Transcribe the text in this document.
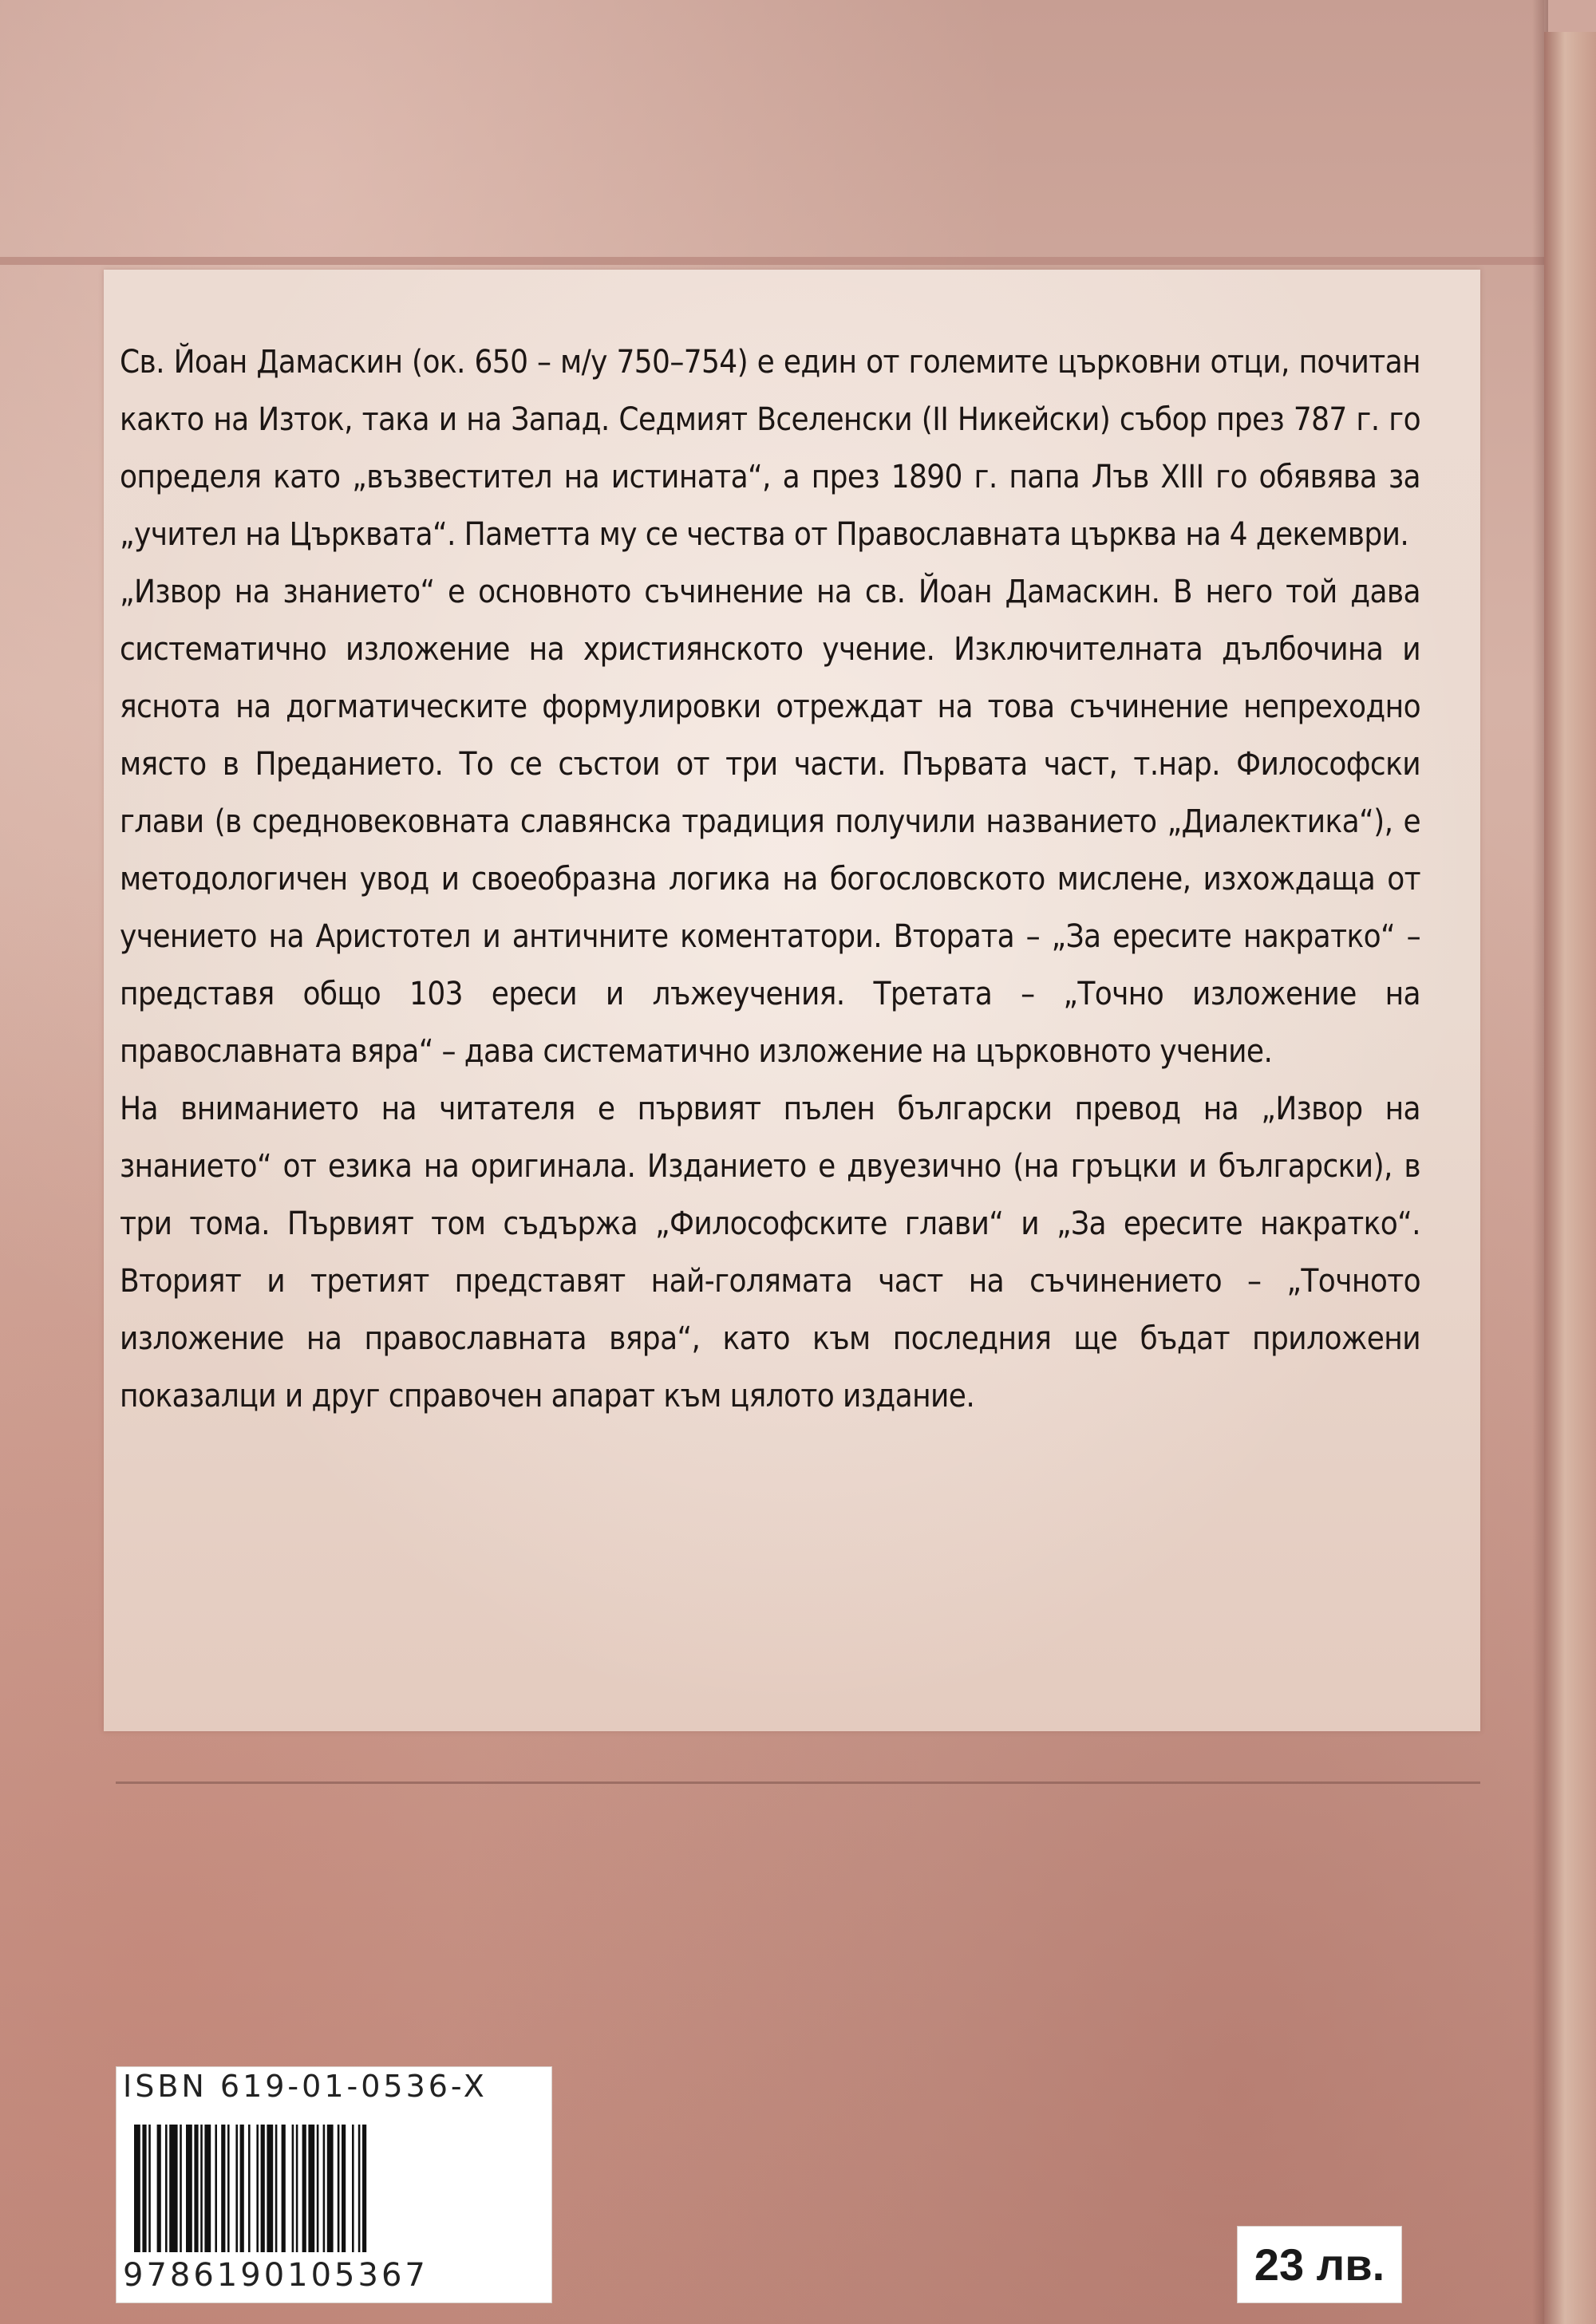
Св. Йоан Дамаскин (ок. 650 – м/у 750–754) е един от големите църковни отци, почитан както на Изток, така и на Запад. Седмият Вселенски (II Никейски) събор през 787 г. го определя като „възвестител на истината“, а през 1890 г. папа Лъв XIII го обявява за „учител на Църквата“. Паметта му се чества от Православната църква на 4 декември.

„Извор на знанието“ е основното съчинение на св. Йоан Дамаскин. В него той дава систематично изложение на християнското учение. Изключителната дълбочина и яснота на догматическите формулировки отреждат на това съчинение непреходно място в Преданието. То се състои от три части. Първата част, т.нар. Философски глави (в средновековната славянска традиция получили названието „Диалектика“), е методологичен увод и своеобразна логика на богословското мислене, изхождаща от учението на Аристотел и античните коментатори. Втората – „За ересите накратко“ – представя общо 103 ереси и лъжеучения. Третата – „Точно изложение на православната вяра“ – дава систематично изложение на църковното учение.

На вниманието на читателя е първият пълен български превод на „Извор на знанието“ от езика на оригинала. Изданието е двуезично (на гръцки и български), в три тома. Първият том съдържа „Философските глави“ и „За ересите накратко“. Вторият и третият представят най-голямата част на съчинението – „Точното изложение на православната вяра“, като към последния ще бъдат приложени показалци и друг справочен апарат към цялото издание.

ISBN 619-01-0536-X
9786190105367	23 лв.
